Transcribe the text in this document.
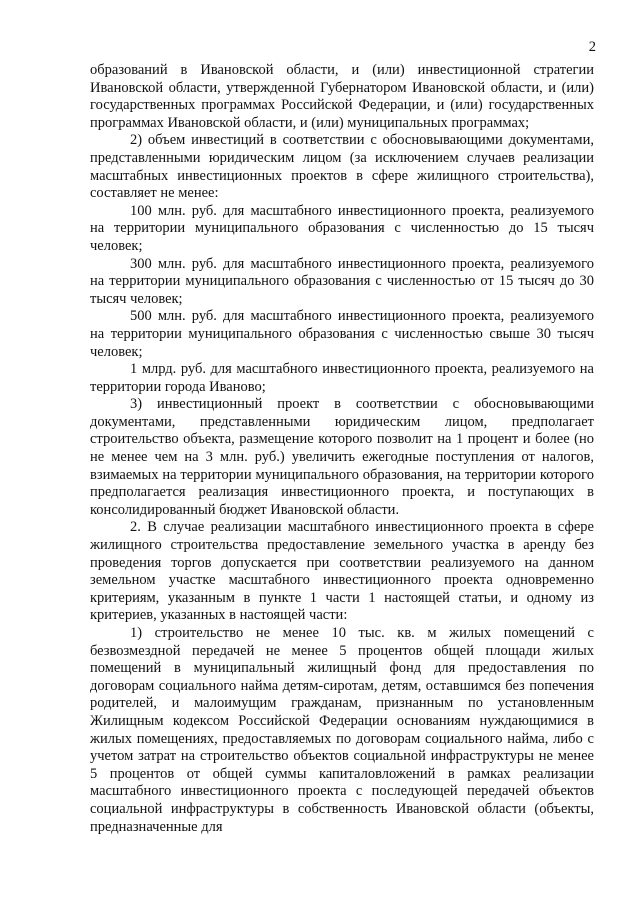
2

образований в Ивановской области, и (или) инвестиционной стратегии Ивановской области, утвержденной Губернатором Ивановской области, и (или) государственных программах Российской Федерации, и (или) государственных программах Ивановской области, и (или) муниципальных программах;

2) объем инвестиций в соответствии с обосновывающими документами, представленными юридическим лицом (за исключением случаев реализации масштабных инвестиционных проектов в сфере жилищного строительства), составляет не менее:

100 млн. руб. для масштабного инвестиционного проекта, реализуемого на территории муниципального образования с численностью до 15 тысяч человек;

300 млн. руб. для масштабного инвестиционного проекта, реализуемого на территории муниципального образования с численностью от 15 тысяч до 30 тысяч человек;

500 млн. руб. для масштабного инвестиционного проекта, реализуемого на территории муниципального образования с численностью свыше 30 тысяч человек;

1 млрд. руб. для масштабного инвестиционного проекта, реализуемого на территории города Иваново;

3) инвестиционный проект в соответствии с обосновывающими документами, представленными юридическим лицом, предполагает строительство объекта, размещение которого позволит на 1 процент и более (но не менее чем на 3 млн. руб.) увеличить ежегодные поступления от налогов, взимаемых на территории муниципального образования, на территории которого предполагается реализация инвестиционного проекта, и поступающих в консолидированный бюджет Ивановской области.

2. В случае реализации масштабного инвестиционного проекта в сфере жилищного строительства предоставление земельного участка в аренду без проведения торгов допускается при соответствии реализуемого на данном земельном участке масштабного инвестиционного проекта одновременно критериям, указанным в пункте 1 части 1 настоящей статьи, и одному из критериев, указанных в настоящей части:

1) строительство не менее 10 тыс. кв. м жилых помещений с безвозмездной передачей не менее 5 процентов общей площади жилых помещений в муниципальный жилищный фонд для предоставления по договорам социального найма детям-сиротам, детям, оставшимся без попечения родителей, и малоимущим гражданам, признанным по установленным Жилищным кодексом Российской Федерации основаниям нуждающимися в жилых помещениях, предоставляемых по договорам социального найма, либо с учетом затрат на строительство объектов социальной инфраструктуры не менее 5 процентов от общей суммы капиталовложений в рамках реализации масштабного инвестиционного проекта с последующей передачей объектов социальной инфраструктуры в собственность Ивановской области (объекты, предназначенные для
